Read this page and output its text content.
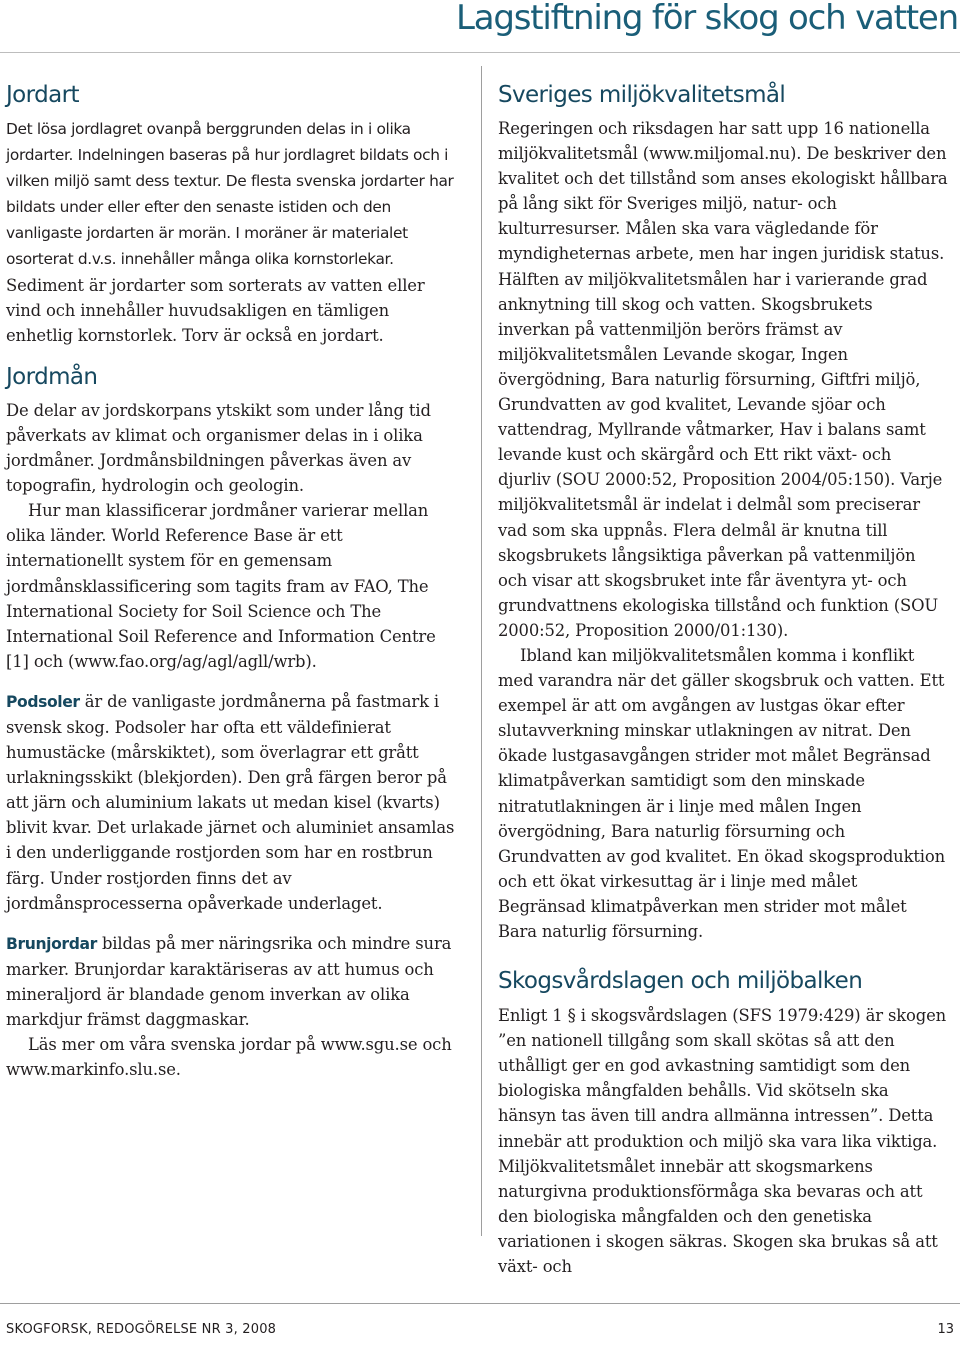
Lagstiftning för skog och vatten
Jordart

Det lösa jordlagret ovanpå berggrunden delas in i olika jordarter. Indelningen baseras på hur jordlagret bildats och i vilken miljö samt dess textur. De flesta svenska jordarter har bildats under eller efter den senaste istiden och den vanligaste jordarten är morän. I moräner är materialet osorterat d.v.s. innehåller många olika kornstorlekar. Sediment är jordarter som sorterats av vatten eller vind och innehåller huvudsakligen en tämligen enhetlig kornstorlek. Torv är också en jordart.

Jordmån

De delar av jordskorpans ytskikt som under lång tid påverkats av klimat och organismer delas in i olika jordmåner. Jordmånsbildningen påverkas även av topografin, hydrologin och geologin.

Hur man klassificerar jordmåner varierar mellan olika länder. World Reference Base är ett internationellt system för en gemensam jordmånsklassificering som tagits fram av FAO, The International Society for Soil Science och The International Soil Reference and Information Centre [1] och (www.fao.org/ag/agl/agll/wrb).

Podsoler är de vanligaste jordmånerna på fastmark i svensk skog. Podsoler har ofta ett väldefinierat humustäcke (mårskiktet), som överlagrar ett grått urlakningsskikt (blekjorden). Den grå färgen beror på att järn och aluminium lakats ut medan kisel (kvarts) blivit kvar. Det urlakade järnet och aluminiet ansamlas i den underliggande rostjorden som har en rostbrun färg. Under rostjorden finns det av jordmånsprocesserna opåverkade underlaget.

Brunjordar bildas på mer näringsrika och mindre sura marker. Brunjordar karaktäriseras av att humus och mineraljord är blandade genom inverkan av olika markdjur främst daggmaskar.

Läs mer om våra svenska jordar på www.sgu.se och www.markinfo.slu.se.

Sveriges miljökvalitetsmål

Regeringen och riksdagen har satt upp 16 nationella miljökvalitetsmål (www.miljomal.nu). De beskriver den kvalitet och det tillstånd som anses ekologiskt hållbara på lång sikt för Sveriges miljö, natur- och kulturresurser. Målen ska vara vägledande för myndigheternas arbete, men har ingen juridisk status. Hälften av miljökvalitetsmålen har i varierande grad anknytning till skog och vatten. Skogsbrukets inverkan på vattenmiljön berörs främst av miljökvalitetsmålen Levande skogar, Ingen övergödning, Bara naturlig försurning, Giftfri miljö, Grundvatten av god kvalitet, Levande sjöar och vattendrag, Myllrande våtmarker, Hav i balans samt levande kust och skärgård och Ett rikt växt- och djurliv (SOU 2000:52, Proposition 2004/05:150). Varje miljökvalitetsmål är indelat i delmål som preciserar vad som ska uppnås. Flera delmål är knutna till skogsbrukets långsiktiga påverkan på vattenmiljön och visar att skogsbruket inte får äventyra yt- och grundvattnens ekologiska tillstånd och funktion (SOU 2000:52, Proposition 2000/01:130).

Ibland kan miljökvalitetsmålen komma i konflikt med varandra när det gäller skogsbruk och vatten. Ett exempel är att om avgången av lustgas ökar efter slutavverkning minskar utlakningen av nitrat. Den ökade lustgasavgången strider mot målet Begränsad klimatpåverkan samtidigt som den minskade nitratutlakningen är i linje med målen Ingen övergödning, Bara naturlig försurning och Grundvatten av god kvalitet. En ökad skogsproduktion och ett ökat virkesuttag är i linje med målet Begränsad klimatpåverkan men strider mot målet Bara naturlig försurning.

Skogsvårdslagen och miljöbalken

Enligt 1 § i skogsvårdslagen (SFS 1979:429) är skogen ”en nationell tillgång som skall skötas så att den uthålligt ger en god avkastning samtidigt som den biologiska mångfalden behålls. Vid skötseln ska hänsyn tas även till andra allmänna intressen”. Detta innebär att produktion och miljö ska vara lika viktiga. Miljökvalitetsmålet innebär att skogsmarkens naturgivna produktionsförmåga ska bevaras och att den biologiska mångfalden och den genetiska variationen i skogen säkras. Skogen ska brukas så att växt- och

SKOGFORSK, REDOGÖRELSE NR 3, 2008	13
